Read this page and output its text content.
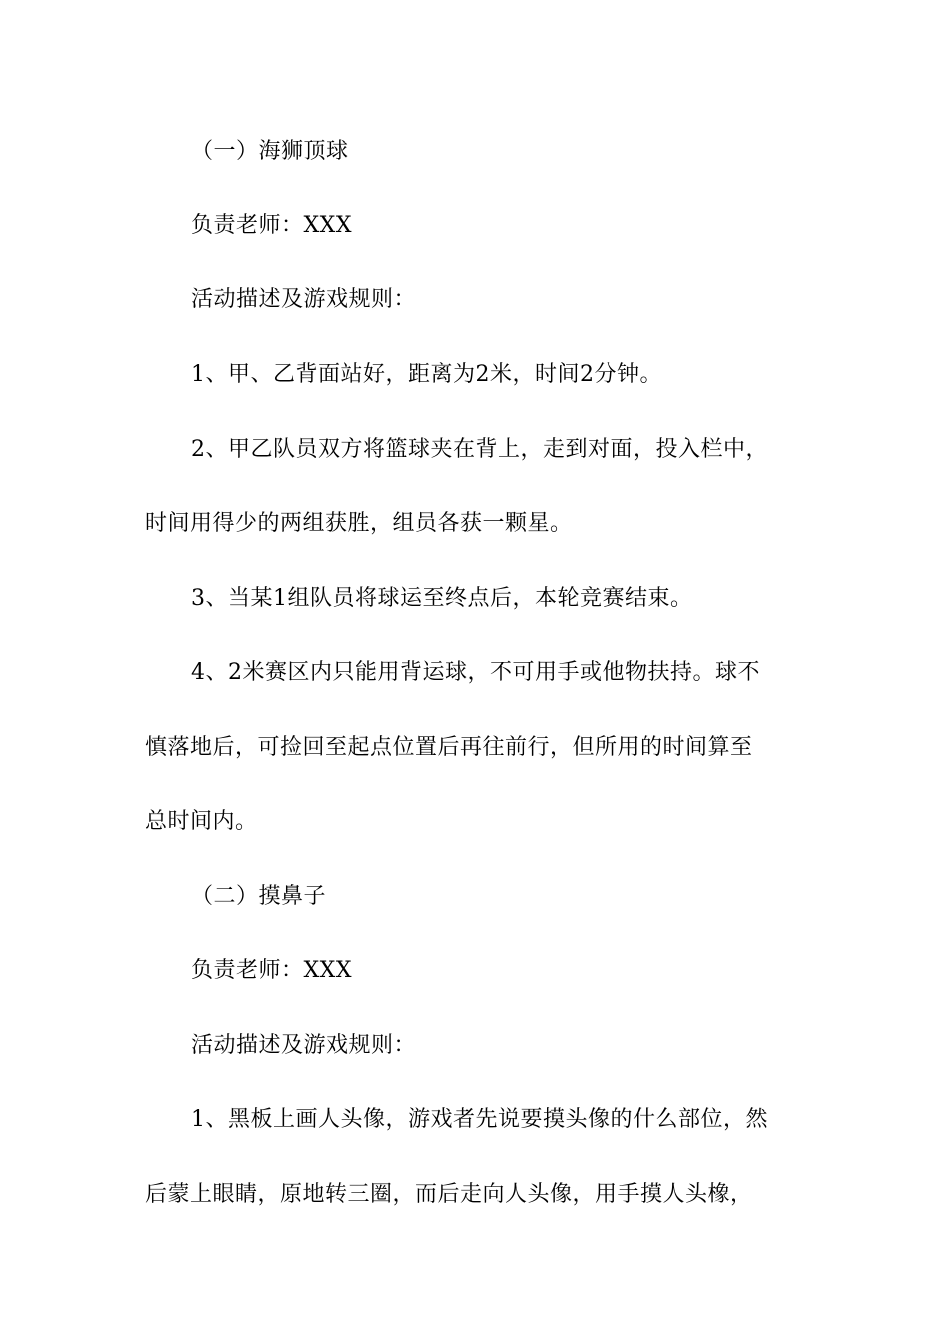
（一）海狮顶球
负责老师：XXX
活动描述及游戏规则：
1、甲、乙背面站好，距离为2米，时间2分钟。
2、甲乙队员双方将篮球夹在背上，走到对面，投入栏中，
时间用得少的两组获胜，组员各获一颗星。
3、当某1组队员将球运至终点后，本轮竞赛结束。
4、2米赛区内只能用背运球，不可用手或他物扶持。球不
慎落地后，可捡回至起点位置后再往前行，但所用的时间算至
总时间内。
（二）摸鼻子
负责老师：XXX
活动描述及游戏规则：
1、黑板上画人头像，游戏者先说要摸头像的什么部位，然
后蒙上眼睛，原地转三圈，而后走向人头像，用手摸人头橡，
